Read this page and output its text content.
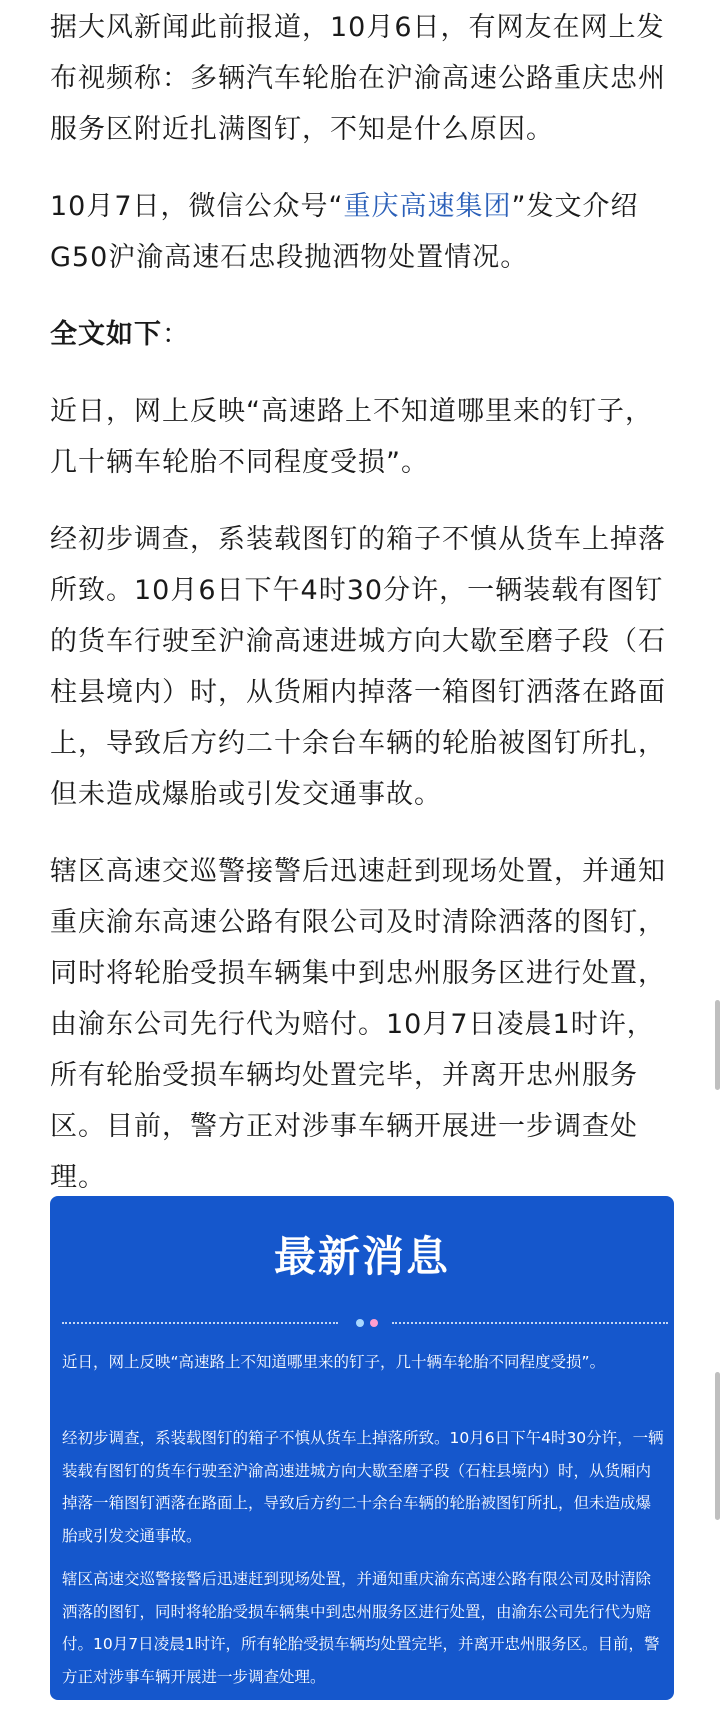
据大风新闻此前报道，10月6日，有网友在网上发布视频称：多辆汽车轮胎在沪渝高速公路重庆忠州服务区附近扎满图钉，不知是什么原因。

10月7日，微信公众号“重庆高速集团”发文介绍G50沪渝高速石忠段抛洒物处置情况。

全文如下：

近日，网上反映“高速路上不知道哪里来的钉子，几十辆车轮胎不同程度受损”。

经初步调查，系装载图钉的箱子不慎从货车上掉落所致。10月6日下午4时30分许，一辆装载有图钉的货车行驶至沪渝高速进城方向大歇至磨子段（石柱县境内）时，从货厢内掉落一箱图钉洒落在路面上，导致后方约二十余台车辆的轮胎被图钉所扎，但未造成爆胎或引发交通事故。

辖区高速交巡警接警后迅速赶到现场处置，并通知重庆渝东高速公路有限公司及时清除洒落的图钉，同时将轮胎受损车辆集中到忠州服务区进行处置，由渝东公司先行代为赔付。10月7日凌晨1时许，所有轮胎受损车辆均处置完毕，并离开忠州服务区。目前，警方正对涉事车辆开展进一步调查处理。

最新消息

近日，网上反映“高速路上不知道哪里来的钉子，几十辆车轮胎不同程度受损”。

经初步调查，系装载图钉的箱子不慎从货车上掉落所致。10月6日下午4时30分许，一辆装载有图钉的货车行驶至沪渝高速进城方向大歇至磨子段（石柱县境内）时，从货厢内掉落一箱图钉洒落在路面上，导致后方约二十余台车辆的轮胎被图钉所扎，但未造成爆胎或引发交通事故。

辖区高速交巡警接警后迅速赶到现场处置，并通知重庆渝东高速公路有限公司及时清除洒落的图钉，同时将轮胎受损车辆集中到忠州服务区进行处置，由渝东公司先行代为赔付。10月7日凌晨1时许，所有轮胎受损车辆均处置完毕，并离开忠州服务区。目前，警方正对涉事车辆开展进一步调查处理。
